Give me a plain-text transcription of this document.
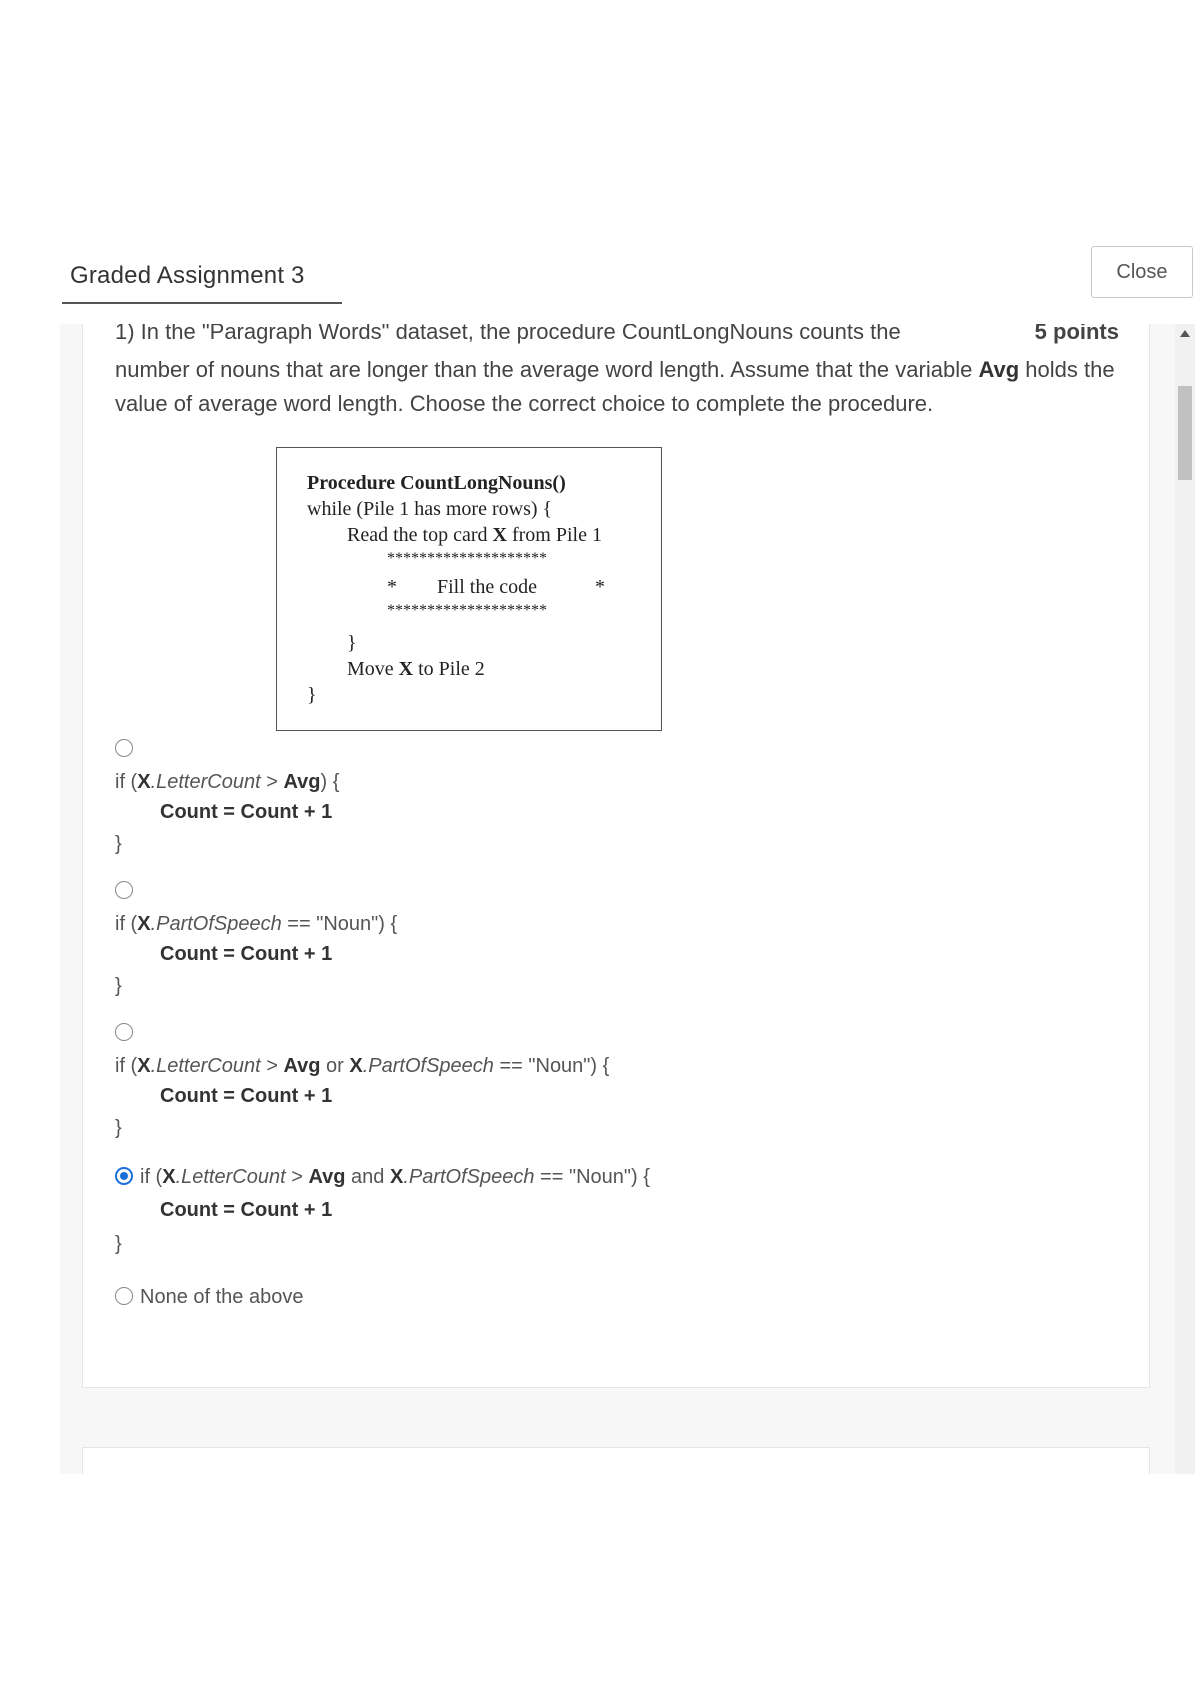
Graded Assignment 3	Close
1) In the "Paragraph Words" dataset, the procedure CountLongNouns counts the	5 points

number of nouns that are longer than the average word length. Assume that the variable Avg holds the value of average word length. Choose the correct choice to complete the procedure.

Procedure CountLongNouns()
while (Pile 1 has more rows) {
Read the top card X from Pile 1
********************
* Fill the code	*
********************
}
Move X to Pile 2
}
if (X.LetterCount > Avg) {
Count = Count + 1
}
if (X.PartOfSpeech == "Noun") {
Count = Count + 1
}
if (X.LetterCount > Avg or X.PartOfSpeech == "Noun") {
Count = Count + 1
}
if (X.LetterCount > Avg and X.PartOfSpeech == "Noun") {
Count = Count + 1
}
None of the above
